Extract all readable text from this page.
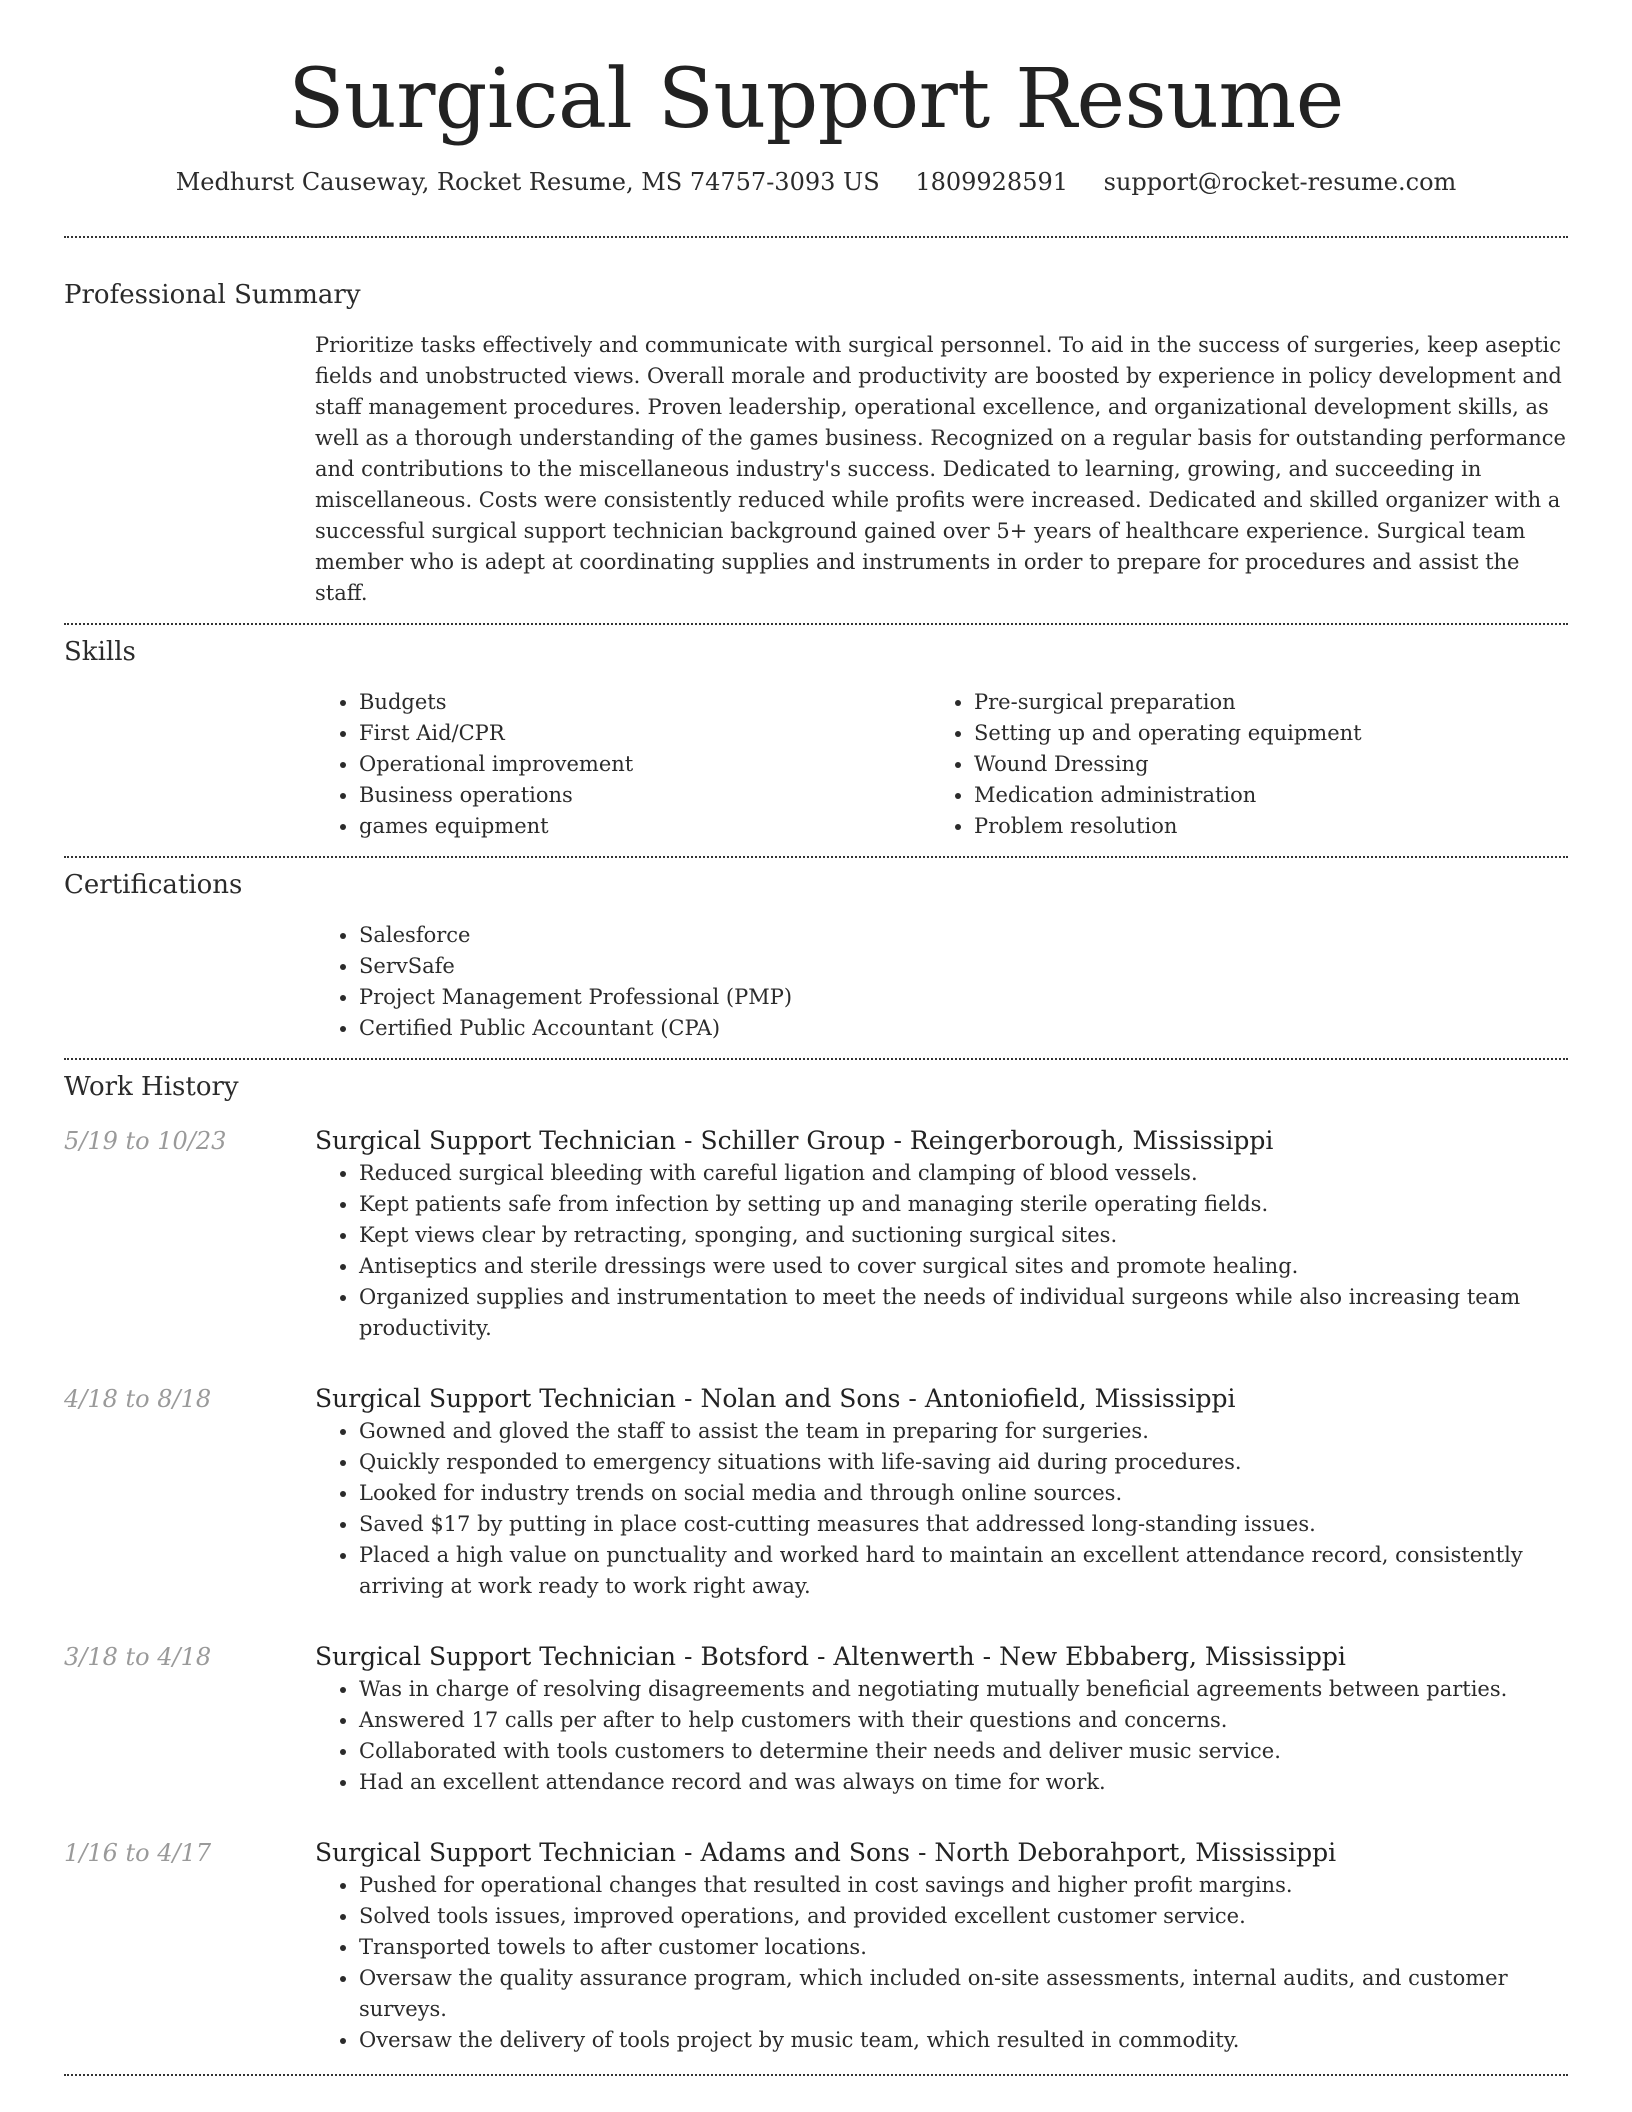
Surgical Support Resume
Medhurst Causeway, Rocket Resume, MS 74757-3093 US 1809928591 support@rocket-resume.com
Professional Summary
Prioritize tasks effectively and communicate with surgical personnel. To aid in the success of surgeries, keep aseptic fields and unobstructed views. Overall morale and productivity are boosted by experience in policy development and staff management procedures. Proven leadership, operational excellence, and organizational development skills, as well as a thorough understanding of the games business. Recognized on a regular basis for outstanding performance and contributions to the miscellaneous industry's success. Dedicated to learning, growing, and succeeding in miscellaneous. Costs were consistently reduced while profits were increased. Dedicated and skilled organizer with a successful surgical support technician background gained over 5+ years of healthcare experience. Surgical team member who is adept at coordinating supplies and instruments in order to prepare for procedures and assist the staff.
Skills
• Budgets
• First Aid/CPR
• Operational improvement
• Business operations
• games equipment
• Pre-surgical preparation
• Setting up and operating equipment
• Wound Dressing
• Medication administration
• Problem resolution
Certifications
• Salesforce
• ServSafe
• Project Management Professional (PMP)
• Certified Public Accountant (CPA)
Work History
5/19 to 10/23	Surgical Support Technician - Schiller Group - Reingerborough, Mississippi
• Reduced surgical bleeding with careful ligation and clamping of blood vessels.
• Kept patients safe from infection by setting up and managing sterile operating fields.
• Kept views clear by retracting, sponging, and suctioning surgical sites.
• Antiseptics and sterile dressings were used to cover surgical sites and promote healing.
• Organized supplies and instrumentation to meet the needs of individual surgeons while also increasing team productivity.
4/18 to 8/18	Surgical Support Technician - Nolan and Sons - Antoniofield, Mississippi
• Gowned and gloved the staff to assist the team in preparing for surgeries.
• Quickly responded to emergency situations with life-saving aid during procedures.
• Looked for industry trends on social media and through online sources.
• Saved $17 by putting in place cost-cutting measures that addressed long-standing issues.
• Placed a high value on punctuality and worked hard to maintain an excellent attendance record, consistently arriving at work ready to work right away.
3/18 to 4/18	Surgical Support Technician - Botsford - Altenwerth - New Ebbaberg, Mississippi
• Was in charge of resolving disagreements and negotiating mutually beneficial agreements between parties.
• Answered 17 calls per after to help customers with their questions and concerns.
• Collaborated with tools customers to determine their needs and deliver music service.
• Had an excellent attendance record and was always on time for work.
1/16 to 4/17	Surgical Support Technician - Adams and Sons - North Deborahport, Mississippi
• Pushed for operational changes that resulted in cost savings and higher profit margins.
• Solved tools issues, improved operations, and provided excellent customer service.
• Transported towels to after customer locations.
• Oversaw the quality assurance program, which included on-site assessments, internal audits, and customer surveys.
• Oversaw the delivery of tools project by music team, which resulted in commodity.
